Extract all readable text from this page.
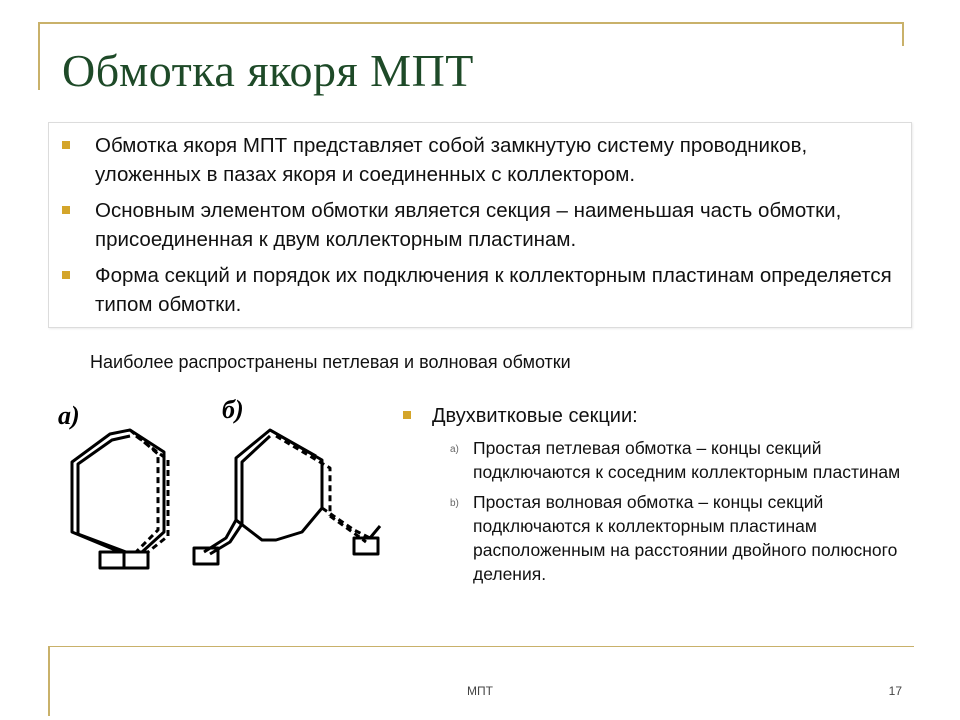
Обмотка якоря МПТ
Обмотка якоря МПТ представляет собой замкнутую систему проводников, уложенных в пазах якоря и соединенных с коллектором.
Основным элементом обмотки является секция – наименьшая часть обмотки, присоединенная к двум коллекторным пластинам.
Форма секций и порядок их подключения к коллекторным пластинам определяется типом обмотки.

Наиболее распространены петлевая и волновая обмотки

а)	б)	Двухвитковые секции:
a) Простая петлевая обмотка – концы секций подключаются к соседним коллекторным пластинам
b) Простая волновая обмотка – концы секций подключаются к коллекторным пластинам расположенным на расстоянии двойного полюсного деления.
МПТ	17
